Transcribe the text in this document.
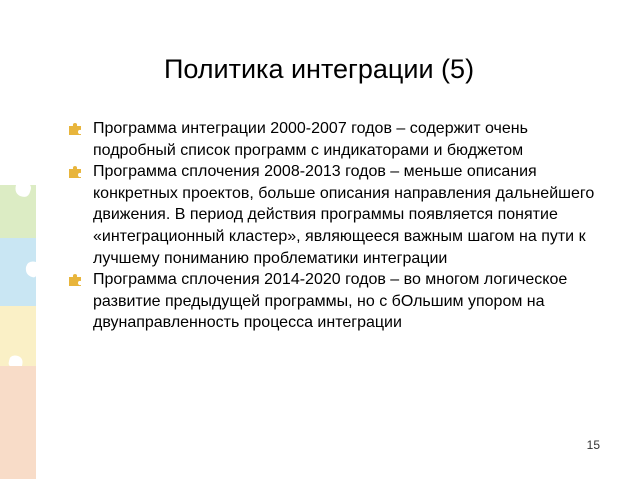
Политика интеграции (5)
Программа интеграции 2000-2007 годов – содержит очень подробный список программ с индикаторами и бюджетом
Программа сплочения 2008-2013 годов – меньше описания конкретных проектов, больше описания направления дальнейшего движения. В период действия программы появляется понятие «интеграционный кластер», являющееся важным шагом на пути к лучшему пониманию проблематики интеграции
Программа сплочения 2014-2020 годов – во многом логическое развитие предыдущей программы, но с бОльшим упором на двунаправленность процесса интеграции
15
